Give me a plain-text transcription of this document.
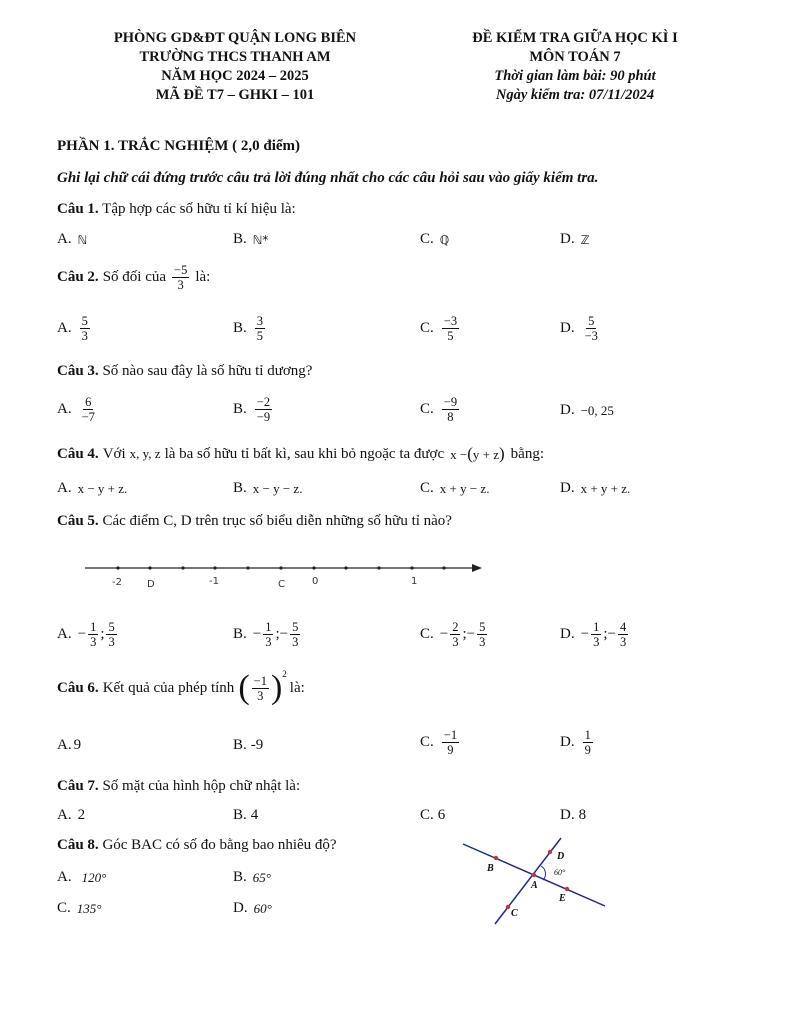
PHÒNG GD&ĐT QUẬN LONG BIÊN
TRƯỜNG THCS THANH AM
NĂM HỌC 2024 – 2025
MÃ ĐỀ T7 – GHKI – 101
ĐỀ KIỂM TRA GIỮA HỌC KÌ I
MÔN TOÁN 7
Thời gian làm bài: 90 phút
Ngày kiểm tra: 07/11/2024
PHẦN 1. TRẮC NGHIỆM ( 2,0 điểm)
Ghi lại chữ cái đứng trước câu trả lời đúng nhất cho các câu hỏi sau vào giấy kiểm tra.
Câu 1. Tập hợp các số hữu tỉ kí hiệu là:
A. ℕ	B. ℕ*	C. ℚ	D. ℤ
Câu 2. Số đối của $\frac{-5}{3}$ là:
A. $\frac{5}{3}$	B. $\frac{3}{5}$	C. $\frac{-3}{5}$	D. $\frac{5}{-3}$
Câu 3. Số nào sau đây là số hữu tỉ dương?
A. $\frac{6}{-7}$	B. $\frac{-2}{-9}$	C. $\frac{-9}{8}$	D. −0, 25
Câu 4. Với x, y, z là ba số hữu tỉ bất kì, sau khi bỏ ngoặc ta được x −(y + z) bằng:
A. x − y + z.	B. x − y − z.	C. x + y − z.	D. x + y + z.
Câu 5. Các điểm C, D trên trục số biểu diễn những số hữu tỉ nào?
-2	D	-1	C	0	1
A. − $\frac{1}{3}$ ; $\frac{5}{3}$	B. − $\frac{1}{3}$ ; − $\frac{5}{3}$	C. − $\frac{2}{3}$ ; − $\frac{5}{3}$	D. − $\frac{1}{3}$ ; − $\frac{4}{3}$
Câu 6. Kết quả của phép tính ( $\frac{-1}{3}$ ) 2
là:
A. 9	B. -9	C. $\frac{-1}{9}$	D. $\frac{1}{9}$
Câu 7. Số mặt của hình hộp chữ nhật là:
A. 2	B. 4	C. 6	D. 8
Câu 8. Góc BAC có số đo bằng bao nhiêu độ?
A. 120°	B. 65°
C. 135°	D. 60°
B
D
A
E
C
60°
